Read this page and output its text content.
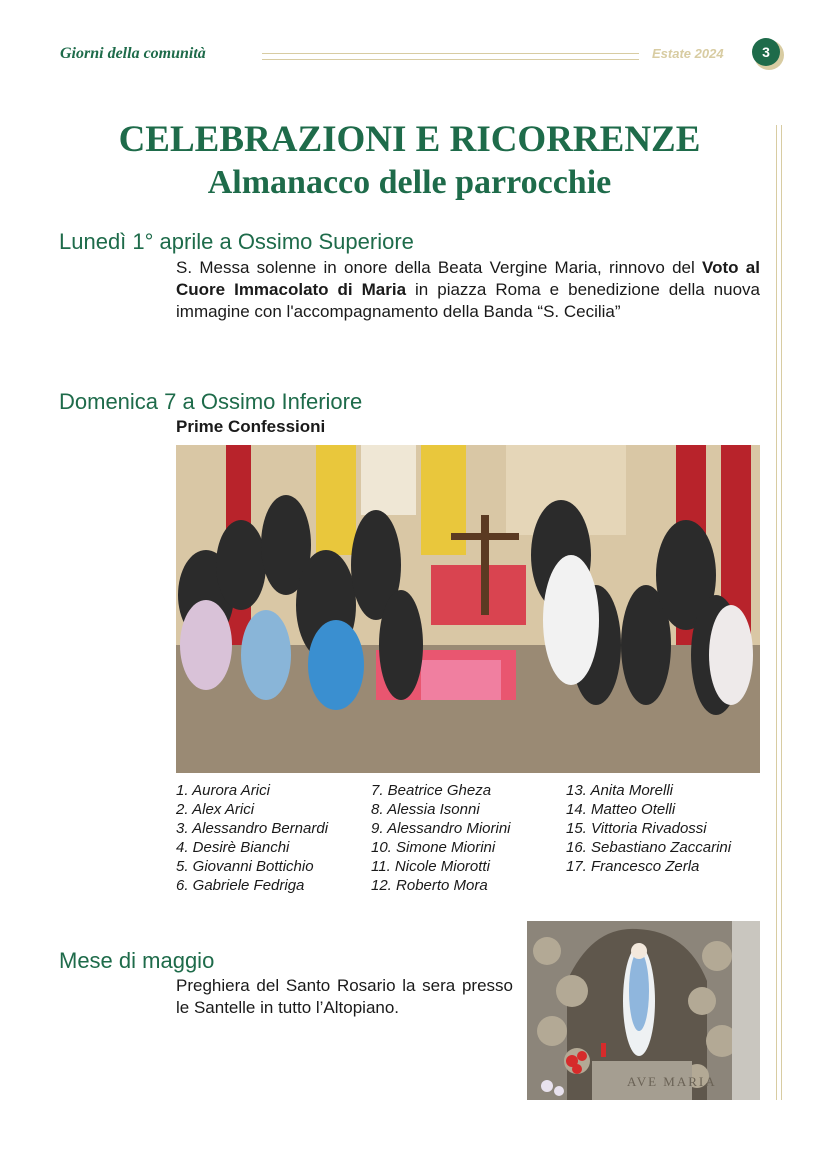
Giorni della comunità	Estate 2024	3
CELEBRAZIONI E RICORRENZE
Almanacco delle parrocchie
Lunedì 1° aprile a Ossimo Superiore

S. Messa solenne in onore della Beata Vergine Maria, rinnovo del Voto al Cuore Immacolato di Maria in piazza Roma e benedizione della nuova immagine con l'accompagnamento della Banda “S. Cecilia”

Domenica 7 a Ossimo Inferiore
Prime Confessioni
1. Aurora Arici
2. Alex Arici
3. Alessandro Bernardi
4. Desirè Bianchi
5. Giovanni Bottichio
6. Gabriele Fedriga
7. Beatrice Gheza
8. Alessia Isonni
9. Alessandro Miorini
10. Simone Miorini
11. Nicole Miorotti
12. Roberto Mora
13. Anita Morelli
14. Matteo Otelli
15. Vittoria Rivadossi
16. Sebastiano Zaccarini
17. Francesco Zerla
Mese di maggio

Preghiera del Santo Rosario la sera presso le Santelle in tutto l’Altopiano.

AVE MARIA
